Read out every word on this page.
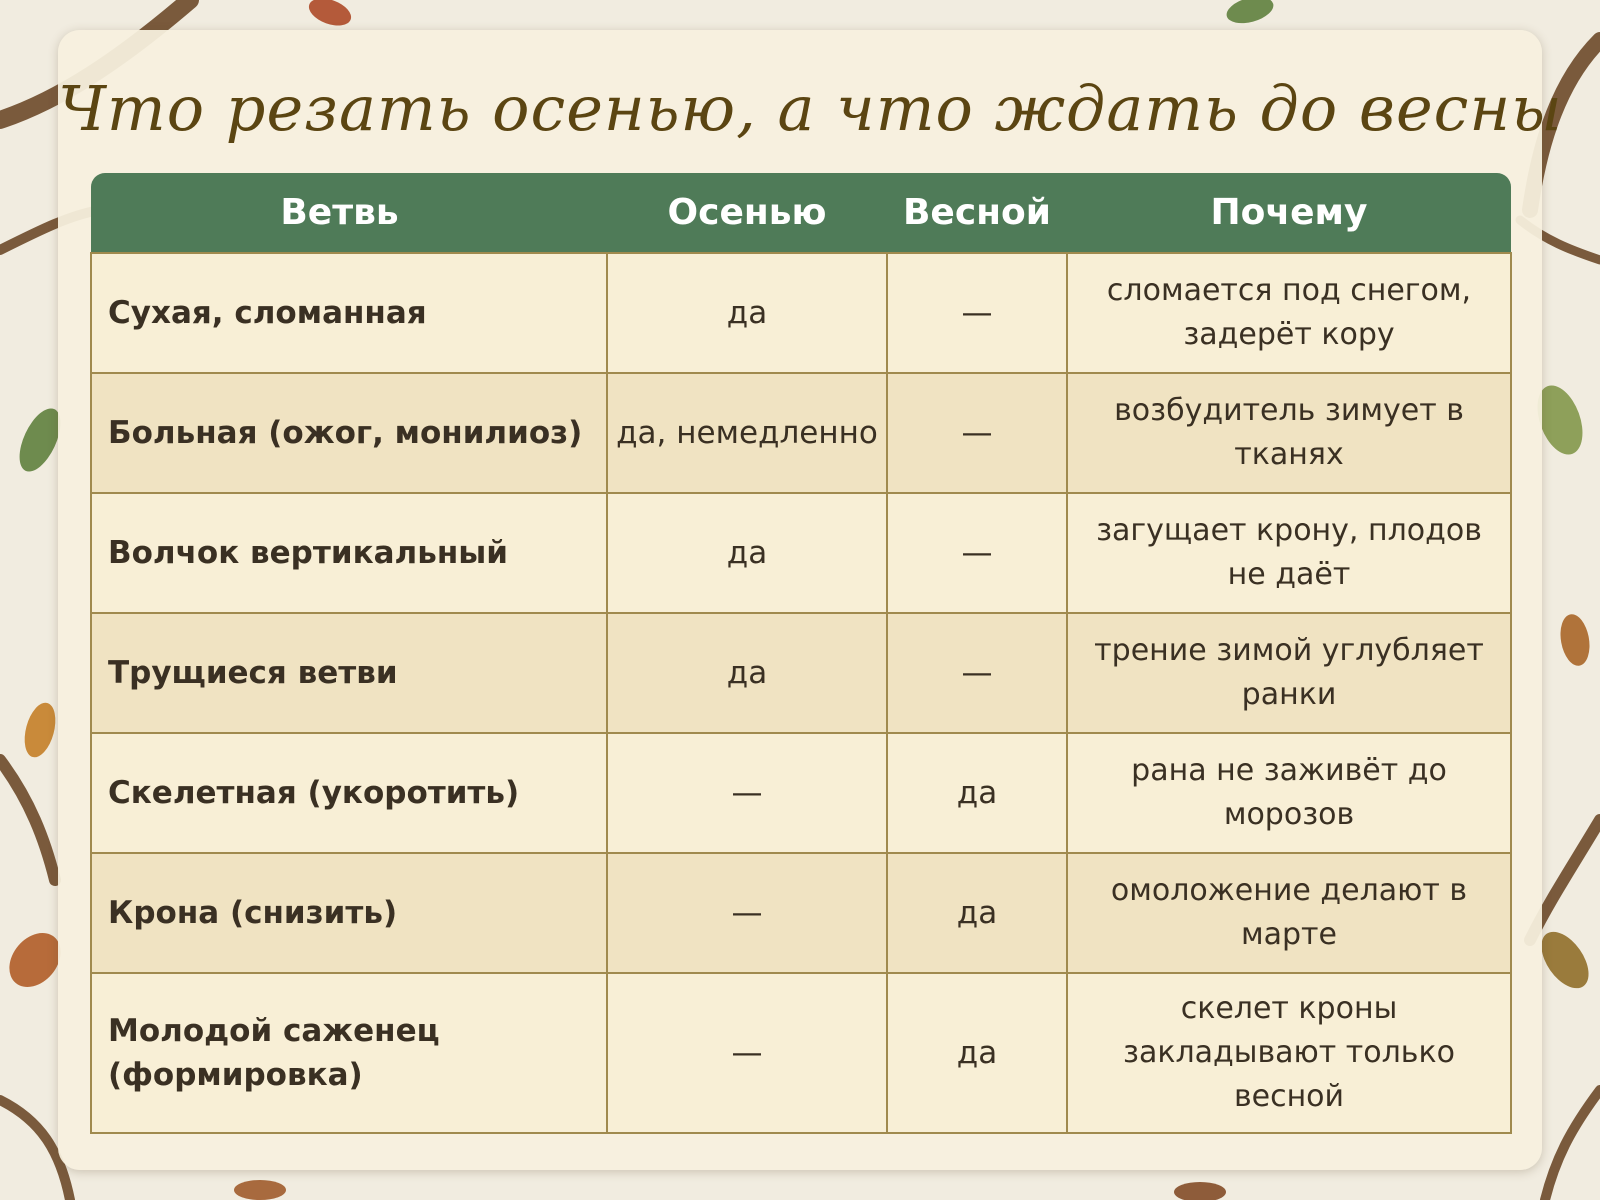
Что резать осенью, а что ждать до весны
Ветвь	Осенью	Весной	Почему
Сухая, сломанная	да	—	сломается под снегом, задерёт кору
Больная (ожог, монилиоз)	да, немедленно	—	возбудитель зимует в тканях
Волчок вертикальный	да	—	загущает крону, плодов не даёт
Трущиеся ветви	да	—	трение зимой углубляет ранки
Скелетная (укоротить)	—	да	рана не заживёт до морозов
Крона (снизить)	—	да	омоложение делают в марте
Молодой саженец (формировка)	—	да	скелет кроны закладывают только весной
